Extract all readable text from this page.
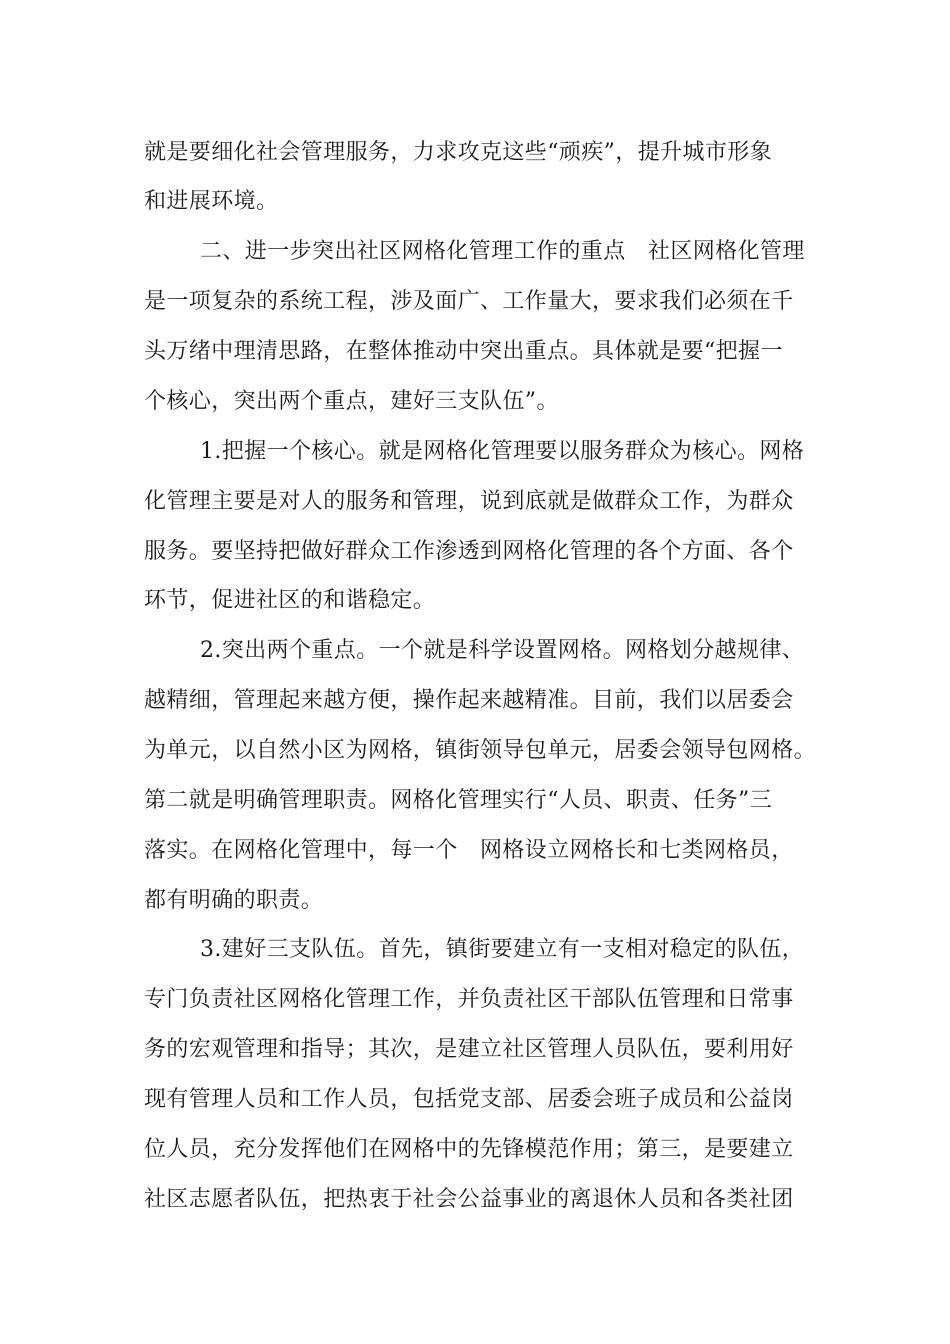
就是要细化社会管理服务，力求攻克这些“顽疾”，提升城市形象
和进展环境。
二、进一步突出社区网格化管理工作的重点　社区网格化管理
是一项复杂的系统工程，涉及面广、工作量大，要求我们必须在千
头万绪中理清思路，在整体推动中突出重点。具体就是要“把握一
个核心，突出两个重点，建好三支队伍”。
1.把握一个核心。就是网格化管理要以服务群众为核心。网格
化管理主要是对人的服务和管理，说到底就是做群众工作，为群众
服务。要坚持把做好群众工作渗透到网格化管理的各个方面、各个
环节，促进社区的和谐稳定。
2.突出两个重点。一个就是科学设置网格。网格划分越规律、
越精细，管理起来越方便，操作起来越精准。目前，我们以居委会
为单元，以自然小区为网格，镇街领导包单元，居委会领导包网格。
第二就是明确管理职责。网格化管理实行“人员、职责、任务”三
落实。在网格化管理中，每一个　网格设立网格长和七类网格员，
都有明确的职责。
3.建好三支队伍。首先，镇街要建立有一支相对稳定的队伍，
专门负责社区网格化管理工作，并负责社区干部队伍管理和日常事
务的宏观管理和指导；其次，是建立社区管理人员队伍，要利用好
现有管理人员和工作人员，包括党支部、居委会班子成员和公益岗
位人员，充分发挥他们在网格中的先锋模范作用；第三，是要建立
社区志愿者队伍，把热衷于社会公益事业的离退休人员和各类社团
